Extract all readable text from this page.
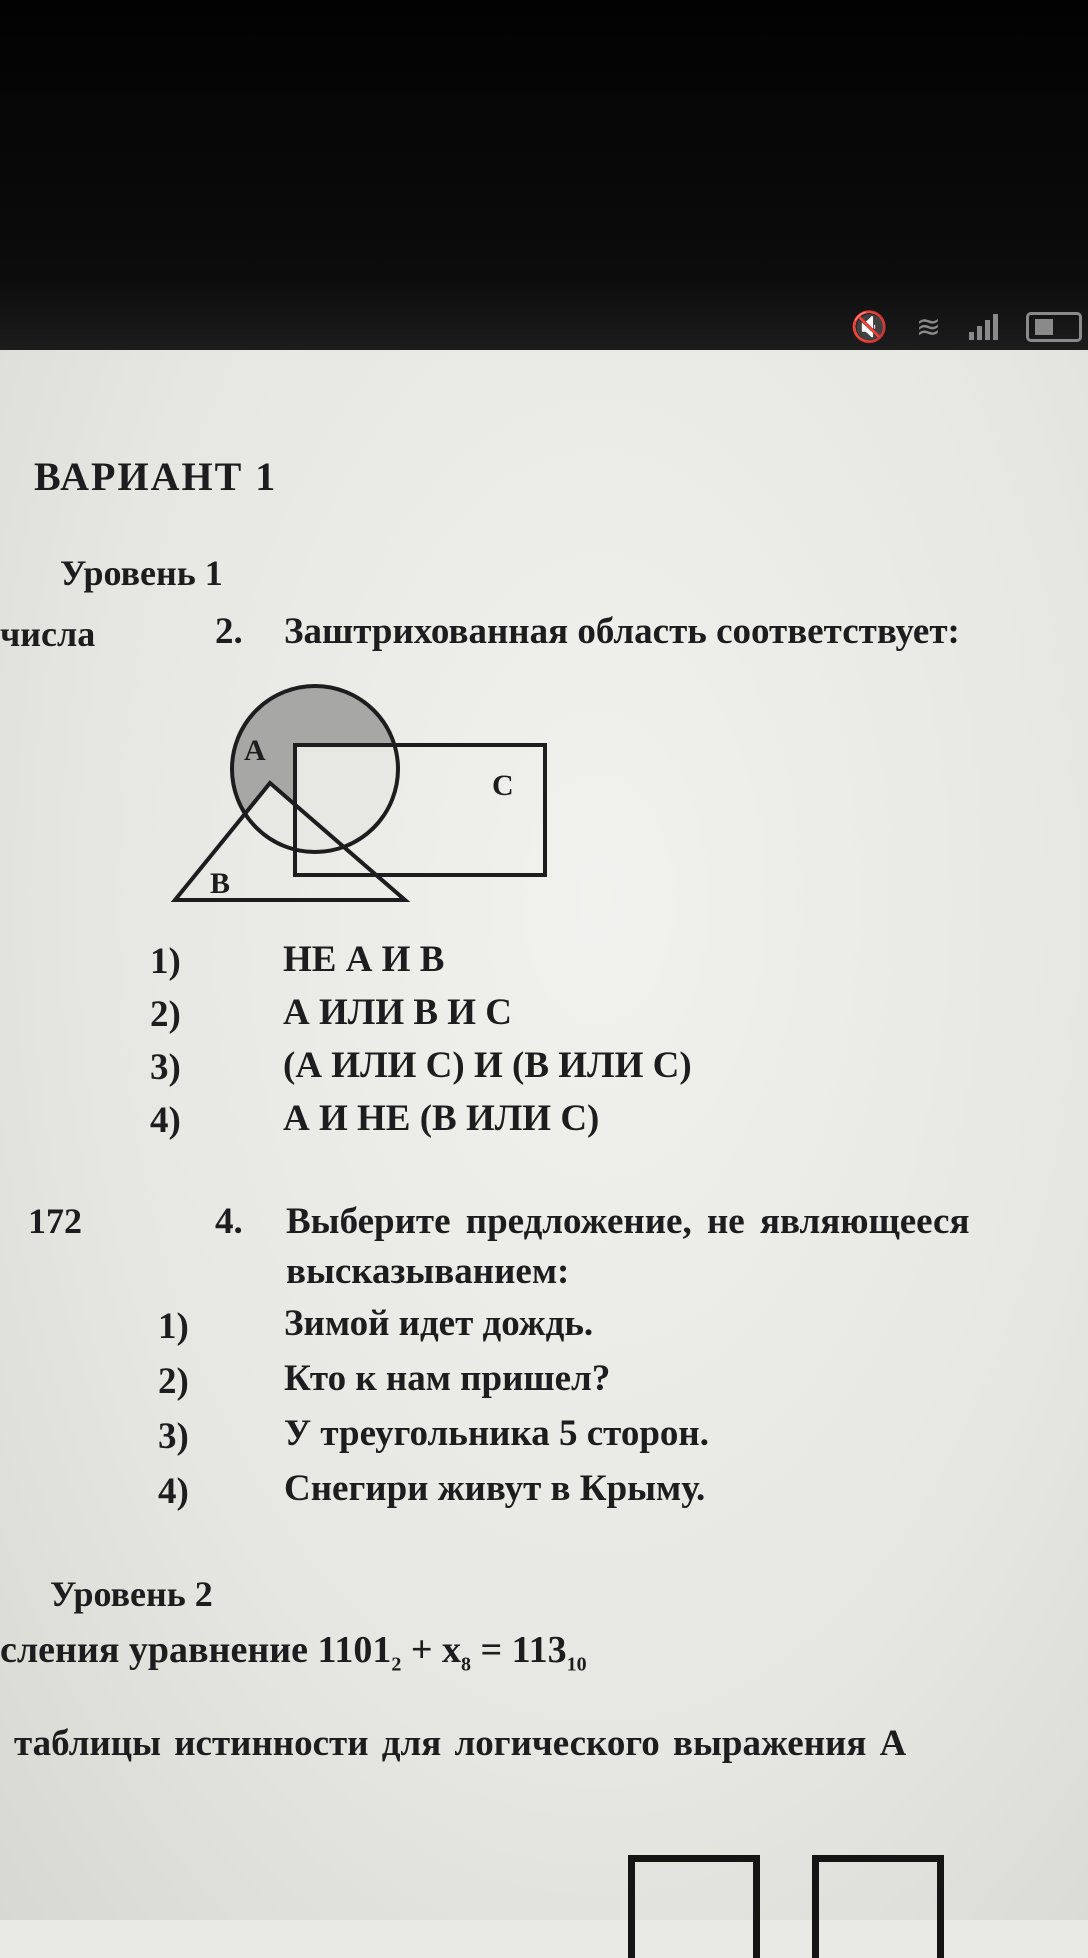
🔇 ≋
ВАРИАНТ 1
Уровень 1
числа	2. Заштрихованная область соответствует:
А
С
В
1)	НЕ А И В
2)	А ИЛИ В И С
3)	(А ИЛИ С) И (В ИЛИ С)
4)	А И НЕ (В ИЛИ С)
172	4. Выберите предложение, не являющееся
высказыванием:
1)	Зимой идет дождь.
2)	Кто к нам пришел?
3)	У треугольника 5 сторон.
4)	Снегири живут в Крыму.
Уровень 2
сления уравнение $1101_2 + x_8 = 113_{10}$
таблицы истинности для логического выражения А
